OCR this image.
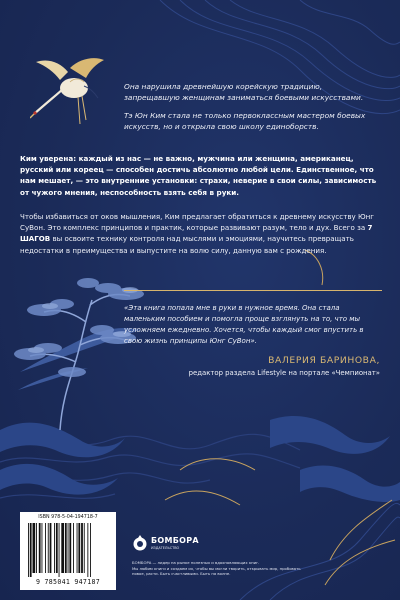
Она нарушила древнейшую корейскую традицию, запрещавшую женщинам заниматься боевыми искусствами.

Тэ Юн Ким стала не только первоклассным мастером боевых искусств, но и открыла свою школу единоборств.

Ким уверена: каждый из нас — не важно, мужчина или женщина, американец, русский или кореец — способен достичь абсолютно любой цели. Единственное, что нам мешает, — это внутренние установки: страхи, неверие в свои силы, зависимость от чужого мнения, неспособность взять себя в руки.

Чтобы избавиться от оков мышления, Ким предлагает обратиться к древнему искусству Юнг СуВон. Это комплекс принципов и практик, которые развивают разум, тело и дух. Всего за 7 ШАГОВ вы освоите технику контроля над мыслями и эмоциями, научитесь превращать недостатки в преимущества и выпустите на волю силу, данную вам с рождения.

«Эта книга попала мне в руки в нужное время. Она стала маленьким пособием и помогла проще взглянуть на то, что мы усложняем ежедневно. Хочется, чтобы каждый смог впустить в свою жизнь принципы Юнг СуВон».

ВАЛЕРИЯ БАРИНОВА,
редактор раздела Lifestyle на портале «Чемпионат»
ISBN 978-5-04-194718-7
9 785041 947187
БОМБОРА
ИЗДАТЕЛЬСТВО

БОМБОРА — лидер на рынке полезных и вдохновляющих книг.

Мы любим книги и создаем их, чтобы вы могли творить, открывать мир, пробовать новое, расти. Быть счастливыми. Быть на волне.
